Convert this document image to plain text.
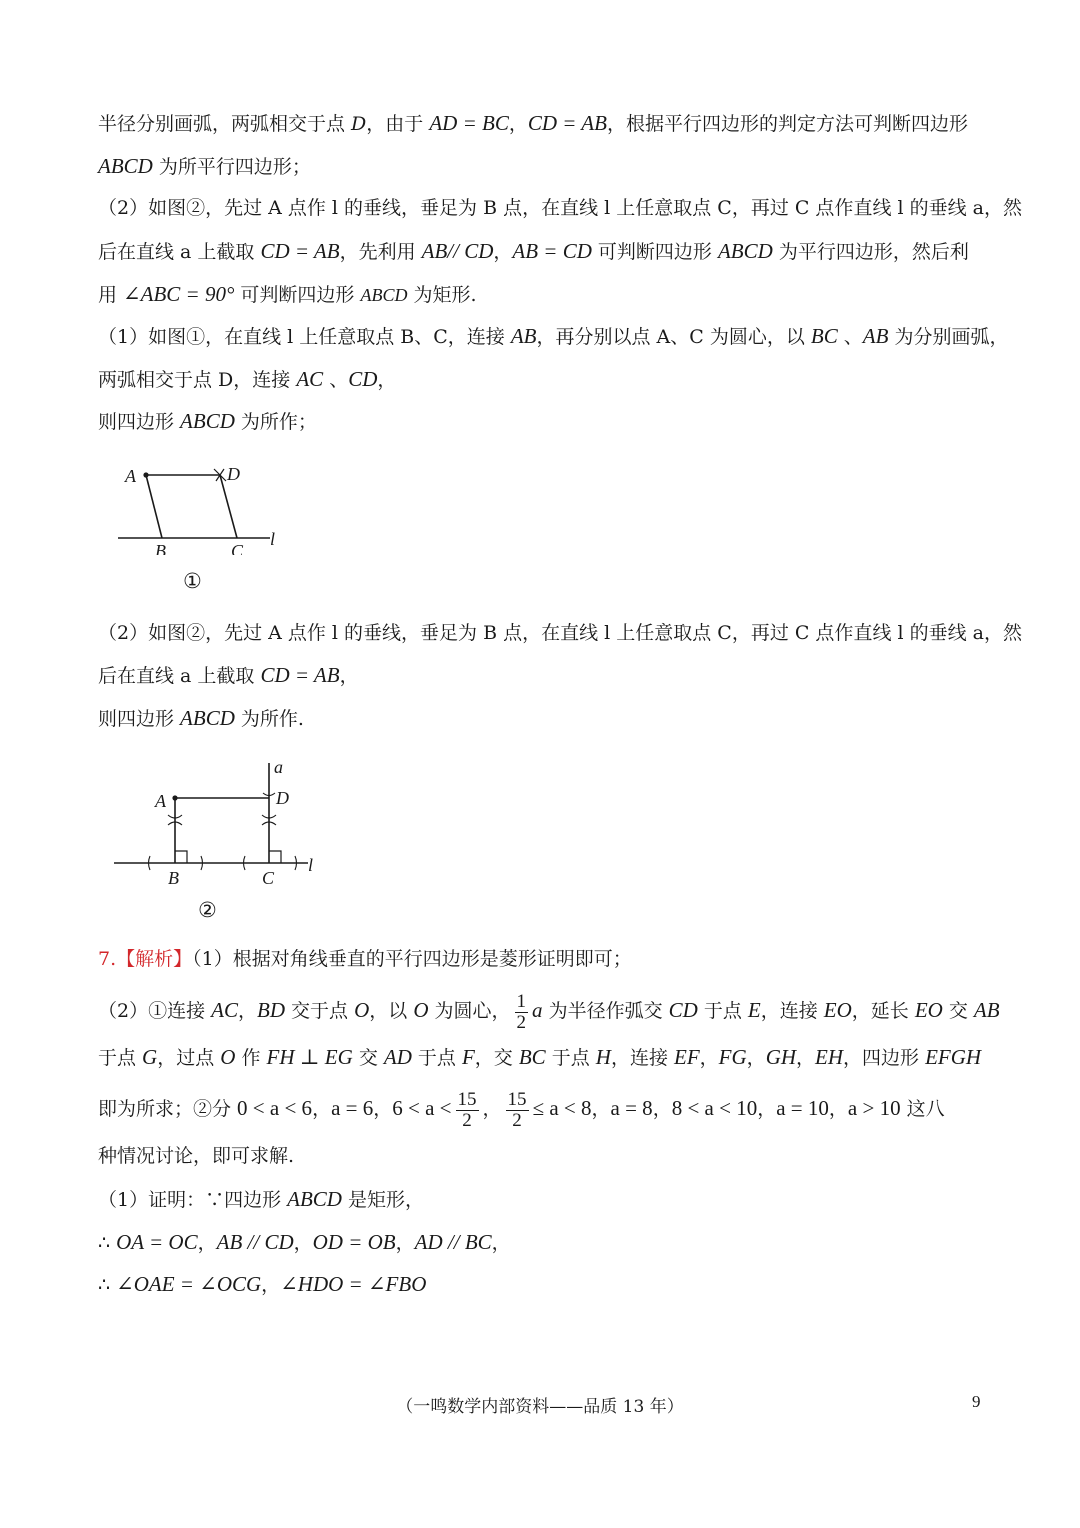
半径分别画弧，两弧相交于点 D，由于 AD = BC，CD = AB，根据平行四边形的判定方法可判断四边形
ABCD 为所平行四边形；
（2）如图②，先过 A 点作 l 的垂线，垂足为 B 点，在直线 l 上任意取点 C，再过 C 点作直线 l 的垂线 a，然
后在直线 a 上截取 CD = AB，先利用 AB// CD，AB = CD 可判断四边形 ABCD 为平行四边形，然后利
用 ∠ABC = 90° 可判断四边形 ABCD 为矩形.
（1）如图①，在直线 l 上任意取点 B、C，连接 AB，再分别以点 A、C 为圆心，以 BC 、AB 为分别画弧，
两弧相交于点 D，连接 AC 、CD，
则四边形 ABCD 为所作；
A	D
B	C
l
①
（2）如图②，先过 A 点作 l 的垂线，垂足为 B 点，在直线 l 上任意取点 C，再过 C 点作直线 l 的垂线 a，然
后在直线 a 上截取 CD = AB，
则四边形 ABCD 为所作.
A	D
B	C
l
a
②
7.【解析】（1）根据对角线垂直的平行四边形是菱形证明即可；
（2）①连接 AC，BD 交于点 O，以 O 为圆心， $\frac{1}{2}$ a 为半径作弧交 CD 于点 E，连接 EO，延长 EO 交 AB
于点 G，过点 O 作 FH ⊥ EG 交 AD 于点 F，交 BC 于点 H，连接 EF，FG，GH，EH，四边形 EFGH
即为所求；②分 0 < a < 6，a = 6，$6 < a < \frac{15}{2}$ ， $\frac{15}{2} \le a < 8$，a = 8，8 < a < 10，a = 10，a > 10 这八
种情况讨论，即可求解.
（1）证明：∵四边形 ABCD 是矩形，
∴ OA = OC，AB // CD，OD = OB，AD // BC，
∴ ∠OAE = ∠OCG，∠HDO = ∠FBO
（一鸣数学内部资料——品质 13 年）	9
